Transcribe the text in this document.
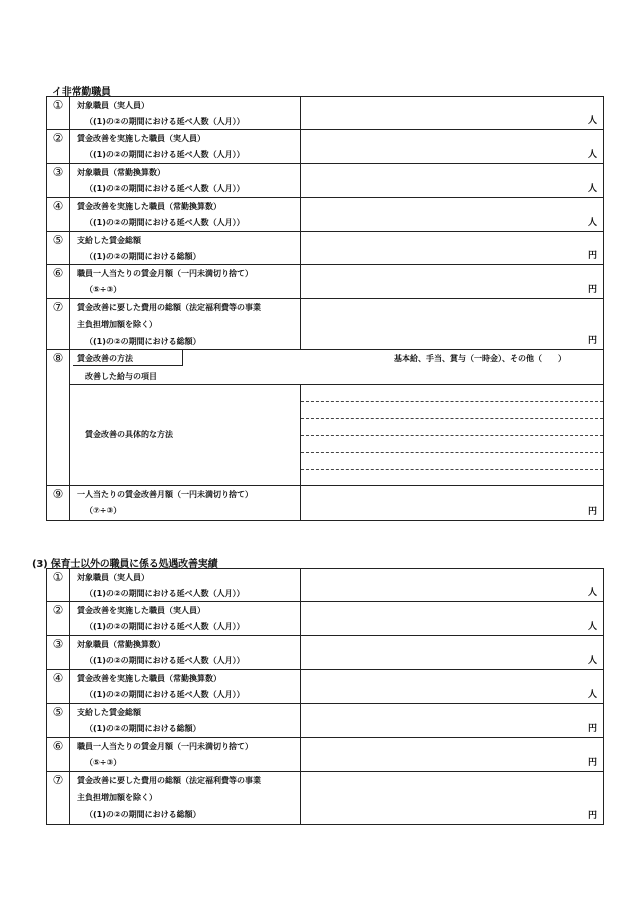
イ非常勤職員
①	対象職員（実人員）
（(1)の②の期間における延べ人数（人月））	人
②	賃金改善を実施した職員（実人員）
（(1)の②の期間における延べ人数（人月））	人
③	対象職員（常勤換算数）
（(1)の②の期間における延べ人数（人月））	人
④	賃金改善を実施した職員（常勤換算数）
（(1)の②の期間における延べ人数（人月））	人
⑤	支給した賃金総額
（(1)の②の期間における総額）	円
⑥	職員一人当たりの賃金月額（一円未満切り捨て）
（⑤÷③）	円
⑦	賃金改善に要した費用の総額（法定福利費等の事業
主負担増加額を除く）
（(1)の②の期間における総額）	円
⑧	賃金改善の方法	基本給、手当、賞与（一時金）、その他（　　）
改善した給与の項目
賃金改善の具体的な方法
⑨	一人当たりの賃金改善月額（一円未満切り捨て）
（⑦÷③）	円
(3) 保育士以外の職員に係る処遇改善実績
①	対象職員（実人員）
（(1)の②の期間における延べ人数（人月））	人
②	賃金改善を実施した職員（実人員）
（(1)の②の期間における延べ人数（人月））	人
③	対象職員（常勤換算数）
（(1)の②の期間における延べ人数（人月））	人
④	賃金改善を実施した職員（常勤換算数）
（(1)の②の期間における延べ人数（人月））	人
⑤	支給した賃金総額
（(1)の②の期間における総額）	円
⑥	職員一人当たりの賃金月額（一円未満切り捨て）
（⑤÷③）	円
⑦	賃金改善に要した費用の総額（法定福利費等の事業
主負担増加額を除く）
（(1)の②の期間における総額）	円
